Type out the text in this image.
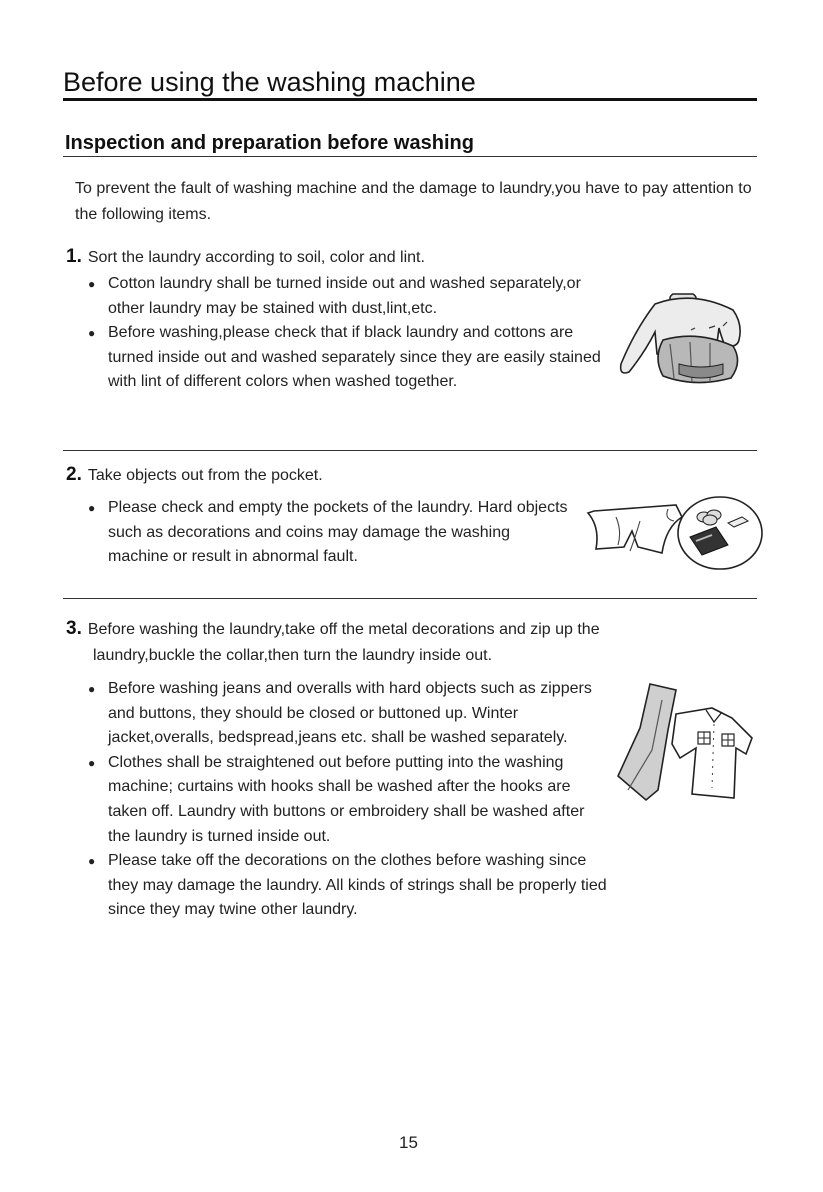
Before using the washing machine
Inspection and preparation before washing

To prevent the fault of washing machine and the damage to laundry,you have to pay attention to the following items.

1. Sort the laundry according to soil, color and lint.

● Cotton laundry shall be turned inside out and washed separately,or other laundry may be stained with dust,lint,etc.
● Before washing,please check that if black laundry and cottons are turned inside out and washed separately since they are easily stained with lint of different colors when washed together.

2. Take objects out from the pocket.

● Please check and empty the pockets of the laundry. Hard objects such as decorations and coins may damage the washing machine or result in abnormal fault.

3. Before washing the laundry,take off the metal decorations and zip up the
laundry,buckle the collar,then turn the laundry inside out.

● Before washing jeans and overalls with hard objects such as zippers and buttons, they should be closed or buttoned up. Winter jacket,overalls, bedspread,jeans etc. shall be washed separately.
● Clothes shall be straightened out before putting into the washing machine; curtains with hooks shall be washed after the hooks are taken off. Laundry with buttons or embroidery shall be washed after the laundry is turned inside out.
● Please take off the decorations on the clothes before washing since they may damage the laundry. All kinds of strings shall be properly tied since they may twine other laundry.
15
